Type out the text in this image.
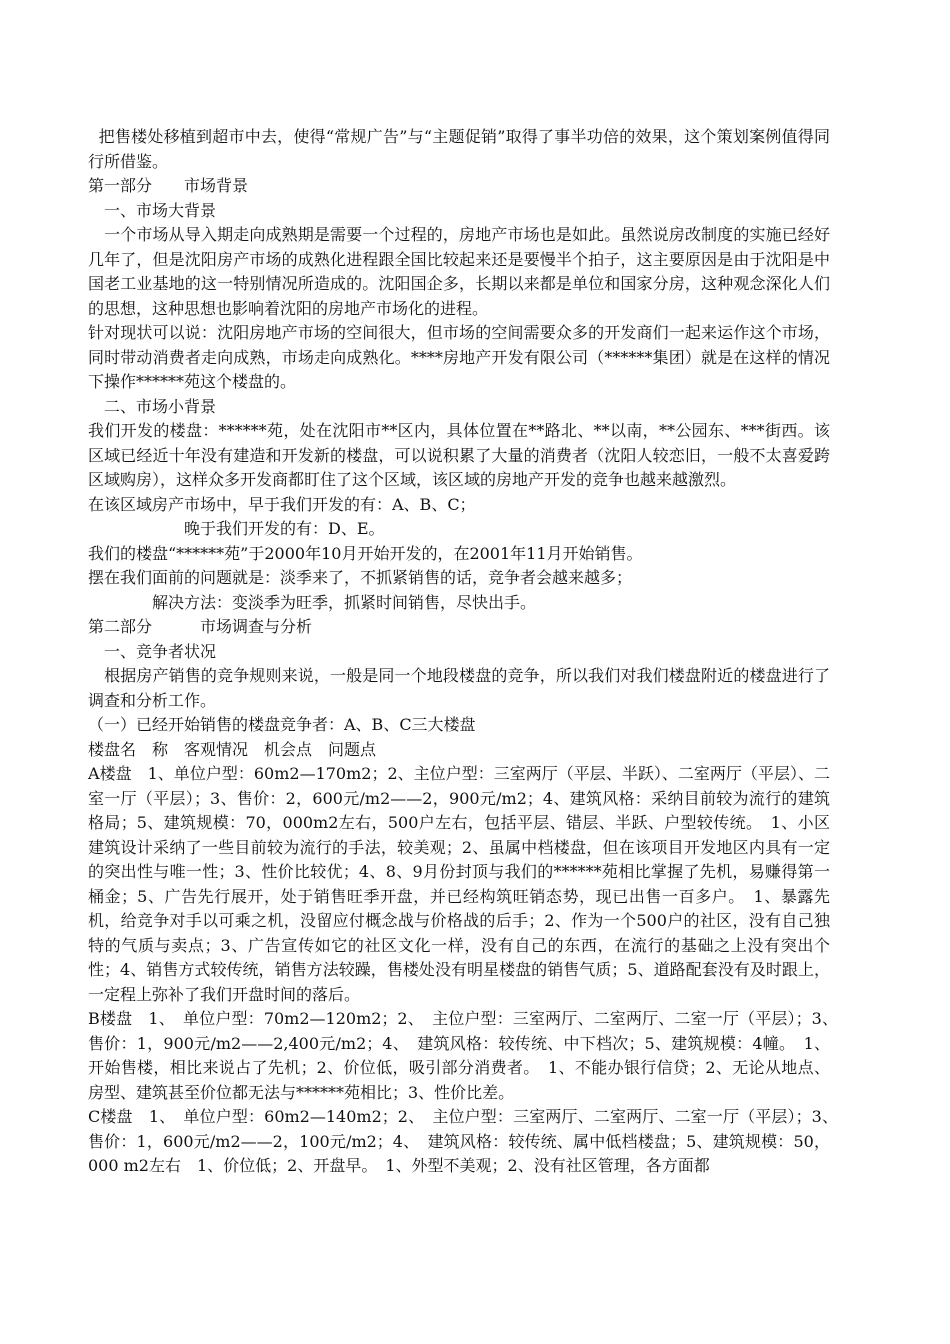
把售楼处移植到超市中去，使得“常规广告”与“主题促销”取得了事半功倍的效果，这个策划案例值得同行所借鉴。

第一部分　　市场背景

　一、市场大背景

　一个市场从导入期走向成熟期是需要一个过程的，房地产市场也是如此。虽然说房改制度的实施已经好几年了，但是沈阳房产市场的成熟化进程跟全国比较起来还是要慢半个拍子，这主要原因是由于沈阳是中国老工业基地的这一特别情况所造成的。沈阳国企多，长期以来都是单位和国家分房，这种观念深化人们的思想，这种思想也影响着沈阳的房地产市场化的进程。

针对现状可以说：沈阳房地产市场的空间很大，但市场的空间需要众多的开发商们一起来运作这个市场，同时带动消费者走向成熟，市场走向成熟化。****房地产开发有限公司（******集团）就是在这样的情况下操作******苑这个楼盘的。

　二、市场小背景

我们开发的楼盘：******苑，处在沈阳市**区内，具体位置在**路北、**以南，**公园东、***街西。该区域已经近十年没有建造和开发新的楼盘，可以说积累了大量的消费者（沈阳人较恋旧，一般不太喜爱跨区域购房），这样众多开发商都盯住了这个区域，该区域的房地产开发的竞争也越来越激烈。

在该区域房产市场中，早于我们开发的有：A、B、C；

　　　　　　晚于我们开发的有：D、E。

我们的楼盘“******苑”于2000年10月开始开发的，在2001年11月开始销售。

摆在我们面前的问题就是：淡季来了，不抓紧销售的话，竞争者会越来越多；

　　　　解决方法：变淡季为旺季，抓紧时间销售，尽快出手。

第二部分　　　市场调查与分析

　一、竞争者状况

　根据房产销售的竞争规则来说，一般是同一个地段楼盘的竞争，所以我们对我们楼盘附近的楼盘进行了调查和分析工作。

（一）已经开始销售的楼盘竞争者：A、B、C三大楼盘

楼盘名　称　客观情况　机会点　问题点

A楼盘　1、单位户型：60m2—170m2；2、主位户型：三室两厅（平层、半跃）、二室两厅（平层）、二室一厅（平层）；3、售价：2，600元/m2——2，900元/m2；4、建筑风格：采纳目前较为流行的建筑格局；5、建筑规模：70，000m2左右，500户左右，包括平层、错层、半跃、户型较传统。　1、小区建筑设计采纳了一些目前较为流行的手法，较美观；2、虽属中档楼盘，但在该项目开发地区内具有一定的突出性与唯一性；3、性价比较优；4、8、9月份封顶与我们的******苑相比掌握了先机，易赚得第一桶金；5、广告先行展开，处于销售旺季开盘，并已经构筑旺销态势，现已出售一百多户。　1、暴露先机，给竞争对手以可乘之机，没留应付概念战与价格战的后手；2、作为一个500户的社区，没有自己独特的气质与卖点；3、广告宣传如它的社区文化一样，没有自己的东西，在流行的基础之上没有突出个性；4、销售方式较传统，销售方法较躁，售楼处没有明星楼盘的销售气质；5、道路配套没有及时跟上，一定程上弥补了我们开盘时间的落后。

B楼盘　1、　单位户型：70m2—120m2；2、　主位户型：三室两厅、二室两厅、二室一厅（平层）；3、　售价：1，900元/m2——2,400元/m2；4、　建筑风格：较传统、中下档次；5、建筑规模：4幢。　1、开始售楼，相比来说占了先机；2、价位低，吸引部分消费者。　1、不能办银行信贷；2、无论从地点、房型、建筑甚至价位都无法与******苑相比；3、性价比差。

C楼盘　1、　单位户型：60m2—140m2；2、　主位户型：三室两厅、二室两厅、二室一厅（平层）；3、　售价：1，600元/m2——2，100元/m2；4、　建筑风格：较传统、属中低档楼盘；5、建筑规模：50，000 m2左右　1、价位低；2、开盘早。　1、外型不美观；2、没有社区管理，各方面都
